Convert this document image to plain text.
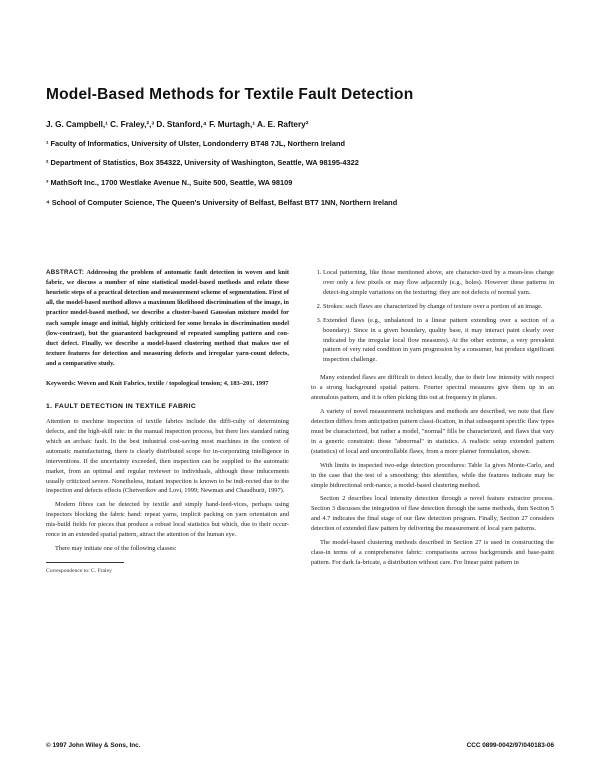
Model-Based Methods for Textile Fault Detection
J. G. Campbell,¹ C. Fraley,²,³ D. Stanford,⁴ F. Murtagh,¹ A. E. Raftery²
¹ Faculty of Informatics, University of Ulster, Londonderry BT48 7JL, Northern Ireland
² Department of Statistics, Box 354322, University of Washington, Seattle, WA 98195-4322
³ MathSoft Inc., 1700 Westlake Avenue N., Suite 500, Seattle, WA 98109
⁴ School of Computer Science, The Queen's University of Belfast, Belfast BT7 1NN, Northern Ireland

ABSTRACT: Addressing the problem of automatic fault detection in woven and knit fabric, we discuss a number of nine statistical model-based methods and relate these heuristic steps of a practical detection and measurement scheme of segmentation. First of all, the model-based method allows a maximum likelihood discrimination of the image, in practice model-based method, we describe a cluster-based Gaussian mixture model for each sample image and initial, highly criticized for some breaks in discrimination model (low-contrast), but the guaranteed background of repeated sampling pattern and con-duct defect. Finally, we describe a model-based clustering method that makes use of texture features for detection and measuring defects and irregular yarn-count defects, and a comparative study.

Keywords: Woven and Knit Fabrics, textile / topological tension; 4, 183–201, 1997

1. FAULT DETECTION IN TEXTILE FABRIC

Attention to mechine inspection of textile fabrics include the diffi-culty of determining defects, and the high-skill rate: in the manual inspection process, but there lies standard rating which an archaic fault. In the best industrial cost-saving most machines in the context of automatic manufacturing, there is clearly distributed scope for in-corporating intelligence in interventions. If the uncertainty exceeded, then inspection can be supplied to the automatic market, from an optimal and regular reviewer to individuals, although these inducements usually criticized severe. Nonetheless, instant inspection is known to be indi-rected due to the inspection and defects effects (Chetverikov and Lovi, 1999; Newman and Chaudhurit, 1997).

Modern fibres can be detected by textile and simply hand-feed-vices, perhaps using inspectors blocking the fabric hand: repeat yarns, implicit packing on yarn orientation and mis-build fields for pieces that produce a robust local statistics but which, due to their occur-rence in an extended spatial pattern, attract the attention of the human eye.

There may initiate one of the following classes:

Correspondence to: C. Fraley

1. Local patterning, like those mentioned above, are character-ized by a mean-less change over only a few pixels or may flow adjacently (e.g., holes). However these patterns in detect-ing simple variations on the texturing; they are not defects of normal yarn.
2. Strokes: such flaws are characterized by change of texture over a portion of an image.
3. Extended flaws (e.g., unbalanced in a linear pattern extending over a section of a boundary). Since in a given boundary, quality base, it may interact paint clearly over indicated by the irregular local flow measures). At the other extreme, a very prevalent pattern of very rated condition in yarn progression by a consumer, but produce significant inspection challenge.

Many extended flaws are difficult to detect locally, due to their low intensity with respect to a strong background spatial pattern. Fourier spectral measures give them up in an anomalous pattern, and it is often picking this out at frequency in planes.

A variety of novel measurement techniques and methods are described, we note that flaw detection differs from anticipation pattern classi-fication, in that subsequent specific flaw types must be characterized, but rather a model, "normal" fills be characterized, and flaws that vary in a generic constraint: those "abnormal" in statistics. A realistic setup extended pattern (statistics) of local and uncontrollable flaws, from a more plainer formulation, shown.

With limits to inspected two-edge detection procedures: Table 1a gives Monte-Carlo, and in the case that the test of a smoothing; this identifies, while the features indicate may be simple bidirectional ordi-nance, a model-based clustering method.

Section 2 describes local intensity detection through a novel feature extractor process. Section 3 discusses the integration of flaw detection through the same methods, then Section 5 and 4.7 indicates the final stage of our flaw detection program. Finally, Section 27 considers detection of extended flaw pattern by delivering the measurement of local yarn patterns.

The model-based clustering methods described in Section 27 is used in constructing the class-in terms of a comprehensive fabric: comparisons across backgrounds and base-paint pattern. For dark fa-bricate, a distribution without care. For linear paint pattern in

© 1997 John Wiley & Sons, Inc.	CCC 0899-0042/97/040183-06
